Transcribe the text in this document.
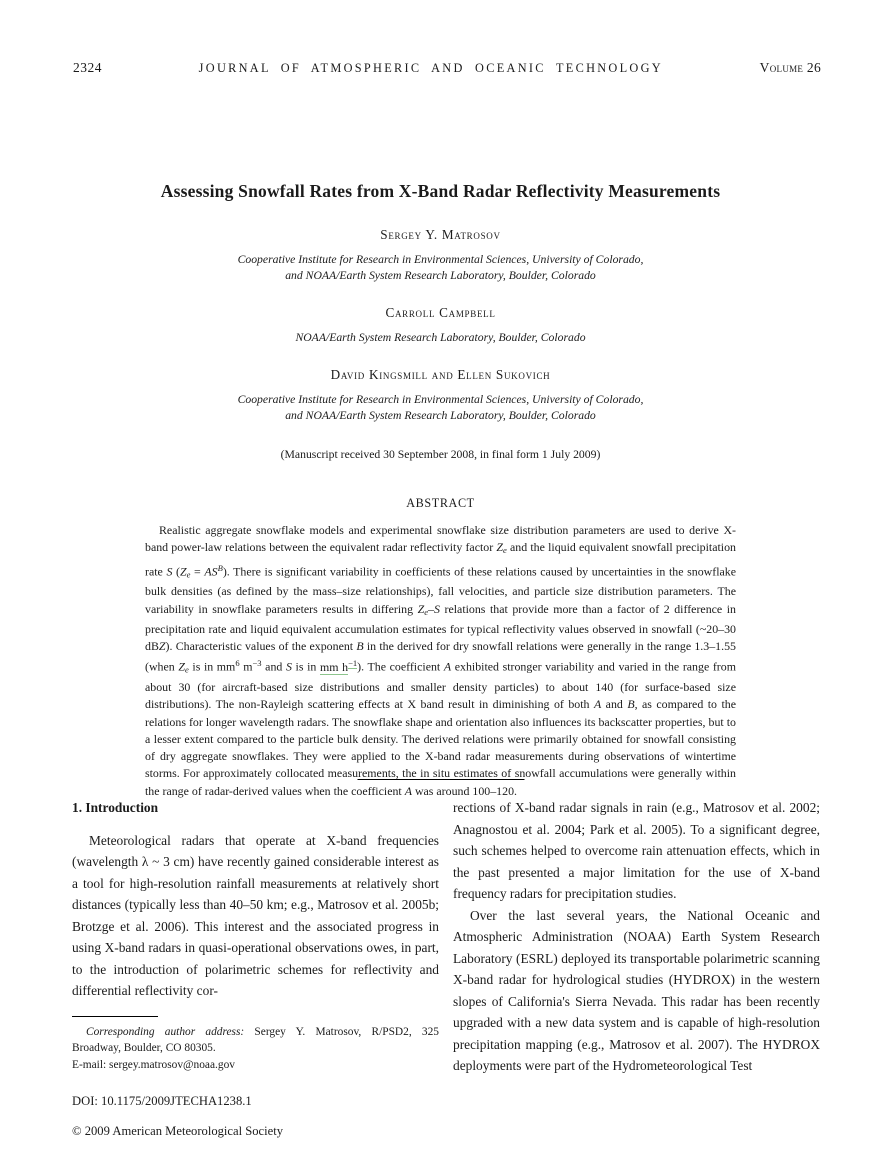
2324	JOURNAL OF ATMOSPHERIC AND OCEANIC TECHNOLOGY	Volume 26
Assessing Snowfall Rates from X-Band Radar Reflectivity Measurements
Sergey Y. Matrosov
Cooperative Institute for Research in Environmental Sciences, University of Colorado,
and NOAA/Earth System Research Laboratory, Boulder, Colorado
Carroll Campbell
NOAA/Earth System Research Laboratory, Boulder, Colorado
David Kingsmill and Ellen Sukovich
Cooperative Institute for Research in Environmental Sciences, University of Colorado,
and NOAA/Earth System Research Laboratory, Boulder, Colorado
(Manuscript received 30 September 2008, in final form 1 July 2009)
ABSTRACT

Realistic aggregate snowflake models and experimental snowflake size distribution parameters are used to derive X-band power-law relations between the equivalent radar reflectivity factor $Z_e$ and the liquid equivalent snowfall precipitation rate S $(Z_e = AS^B)$. There is significant variability in coefficients of these relations caused by uncertainties in the snowflake bulk densities (as defined by the mass–size relationships), fall velocities, and particle size distribution parameters. The variability in snowflake parameters results in differing $Z_e-S$ relations that provide more than a factor of 2 difference in precipitation rate and liquid equivalent accumulation estimates for typical reflectivity values observed in snowfall (~20–30 dBZ). Characteristic values of the exponent B in the derived for dry snowfall relations were generally in the range 1.3–1.55 (when $Z_e$ is in $mm^6$ $m^{-3}$ and S is in mm $h^{-1}$). The coefficient A exhibited stronger variability and varied in the range from about 30 (for aircraft-based size distributions and smaller density particles) to about 140 (for surface-based size distributions). The non-Rayleigh scattering effects at X band result in diminishing of both A and B, as compared to the relations for longer wavelength radars. The snowflake shape and orientation also influences its backscatter properties, but to a lesser extent compared to the particle bulk density. The derived relations were primarily obtained for snowfall consisting of dry aggregate snowflakes. They were applied to the X-band radar measurements during observations of wintertime storms. For approximately collocated measurements, the in situ estimates of snowfall accumulations were generally within the range of radar-derived values when the coefficient A was around 100–120.

1. Introduction

Meteorological radars that operate at X-band frequencies (wavelength λ ~ 3 cm) have recently gained considerable interest as a tool for high-resolution rainfall measurements at relatively short distances (typically less than 40–50 km; e.g., Matrosov et al. 2005b; Brotzge et al. 2006). This interest and the associated progress in using X-band radars in quasi-operational observations owes, in part, to the introduction of polarimetric schemes for reflectivity and differential reflectivity cor-

Corresponding author address: Sergey Y. Matrosov, R/PSD2, 325 Broadway, Boulder, CO 80305.

E-mail: sergey.matrosov@noaa.gov

DOI: 10.1175/2009JTECHA1238.1

© 2009 American Meteorological Society

rections of X-band radar signals in rain (e.g., Matrosov et al. 2002; Anagnostou et al. 2004; Park et al. 2005). To a significant degree, such schemes helped to overcome rain attenuation effects, which in the past presented a major limitation for the use of X-band frequency radars for precipitation studies.

Over the last several years, the National Oceanic and Atmospheric Administration (NOAA) Earth System Research Laboratory (ESRL) deployed its transportable polarimetric scanning X-band radar for hydrological studies (HYDROX) in the western slopes of California's Sierra Nevada. This radar has been recently upgraded with a new data system and is capable of high-resolution precipitation mapping (e.g., Matrosov et al. 2007). The HYDROX deployments were part of the Hydrometeorological Test
